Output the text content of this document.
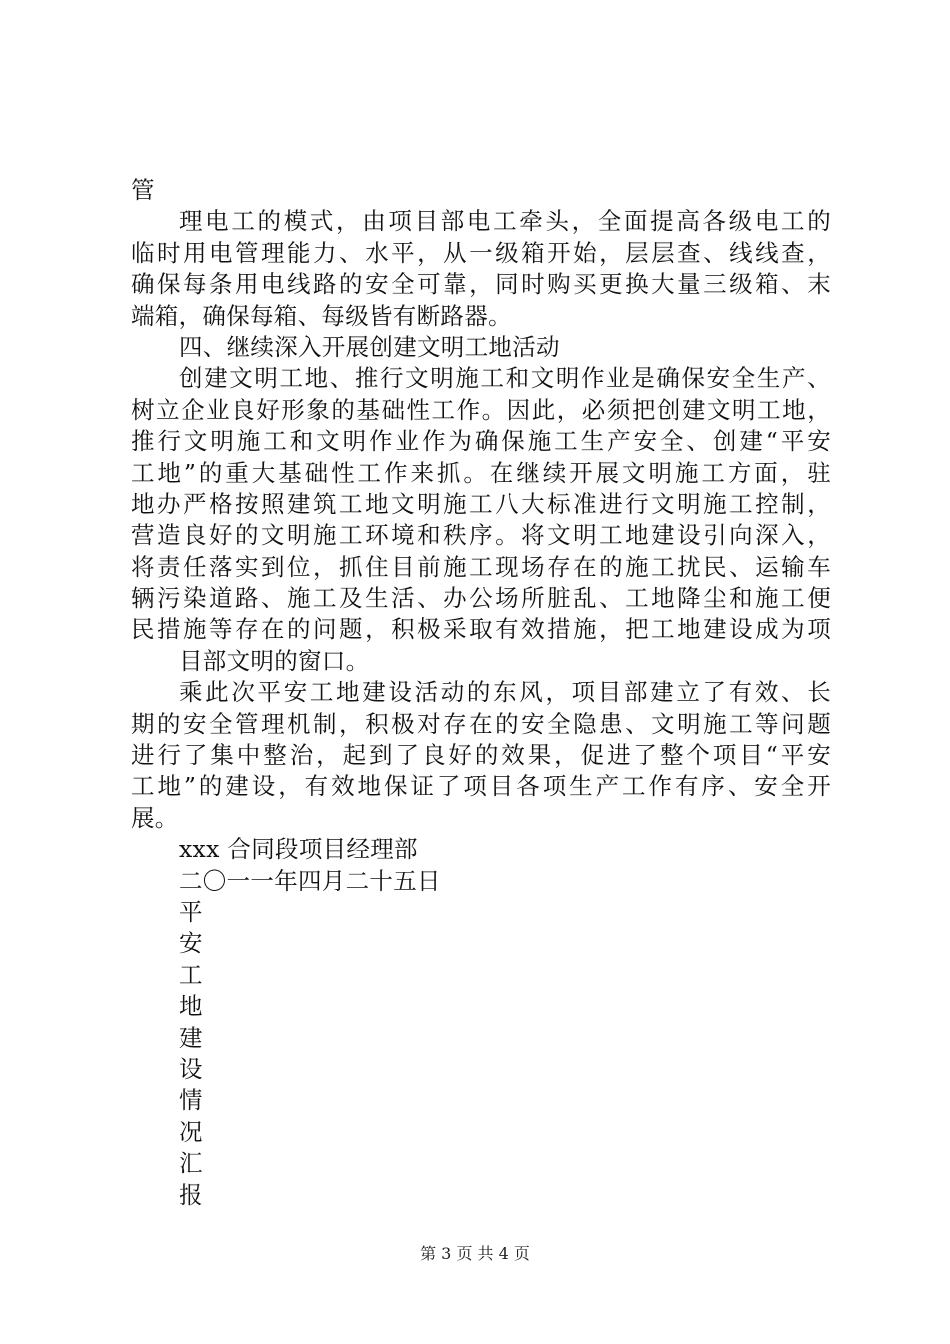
管
理电工的模式，由项目部电工牵头，全面提高各级电工的
临时用电管理能力、水平，从一级箱开始，层层查、线线查，
确保每条用电线路的安全可靠，同时购买更换大量三级箱、末
端箱，确保每箱、每级皆有断路器。
四、继续深入开展创建文明工地活动
创建文明工地、推行文明施工和文明作业是确保安全生产、
树立企业良好形象的基础性工作。因此，必须把创建文明工地，
推行文明施工和文明作业作为确保施工生产安全、创建“平安
工地”的重大基础性工作来抓。在继续开展文明施工方面，驻
地办严格按照建筑工地文明施工八大标准进行文明施工控制，
营造良好的文明施工环境和秩序。将文明工地建设引向深入，
将责任落实到位，抓住目前施工现场存在的施工扰民、运输车
辆污染道路、施工及生活、办公场所脏乱、工地降尘和施工便
民措施等存在的问题，积极采取有效措施，把工地建设成为项
目部文明的窗口。
乘此次平安工地建设活动的东风，项目部建立了有效、长
期的安全管理机制，积极对存在的安全隐患、文明施工等问题
进行了集中整治，起到了良好的效果，促进了整个项目“平安
工地”的建设，有效地保证了项目各项生产工作有序、安全开
展。
xxx 合同段项目经理部
二〇一一年四月二十五日
平
安
工
地
建
设
情
况
汇
报
第 3 页 共 4 页
